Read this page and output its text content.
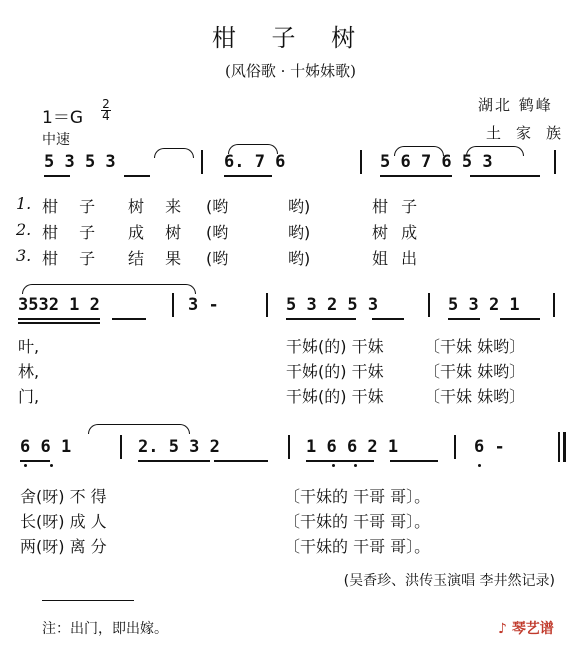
柑 子 树
(风俗歌 · 十姊妹歌)
湖北 鹤峰
土家族
1＝G
2
4
中速
5 3 5 3	6. 7 6	5 6 7 6 5 3
1. 柑 子 树 来 (哟	哟)	柑 子
2. 柑 子 成 树 (哟	哟)	树 成
3. 柑 子 结 果 (哟	哟)	姐 出
3532 1 2	3 -	5 3 2 5 3	5 3 2 1
叶,	干姊(的) 干妹	〔干妹 妹哟〕
林,	干姊(的) 干妹	〔干妹 妹哟〕
门,	干姊(的) 干妹	〔干妹 妹哟〕
6 6 1	2. 5 3 2	1 6 6 2 1	6 -
舍(呀) 不 得	〔干妹的 干哥 哥〕。
长(呀) 成 人	〔干妹的 干哥 哥〕。
两(呀) 离 分	〔干妹的 干哥 哥〕。
(吴香珍、洪传玉演唱 李井然记录)
注：出门，即出嫁。	♪ 琴艺谱
